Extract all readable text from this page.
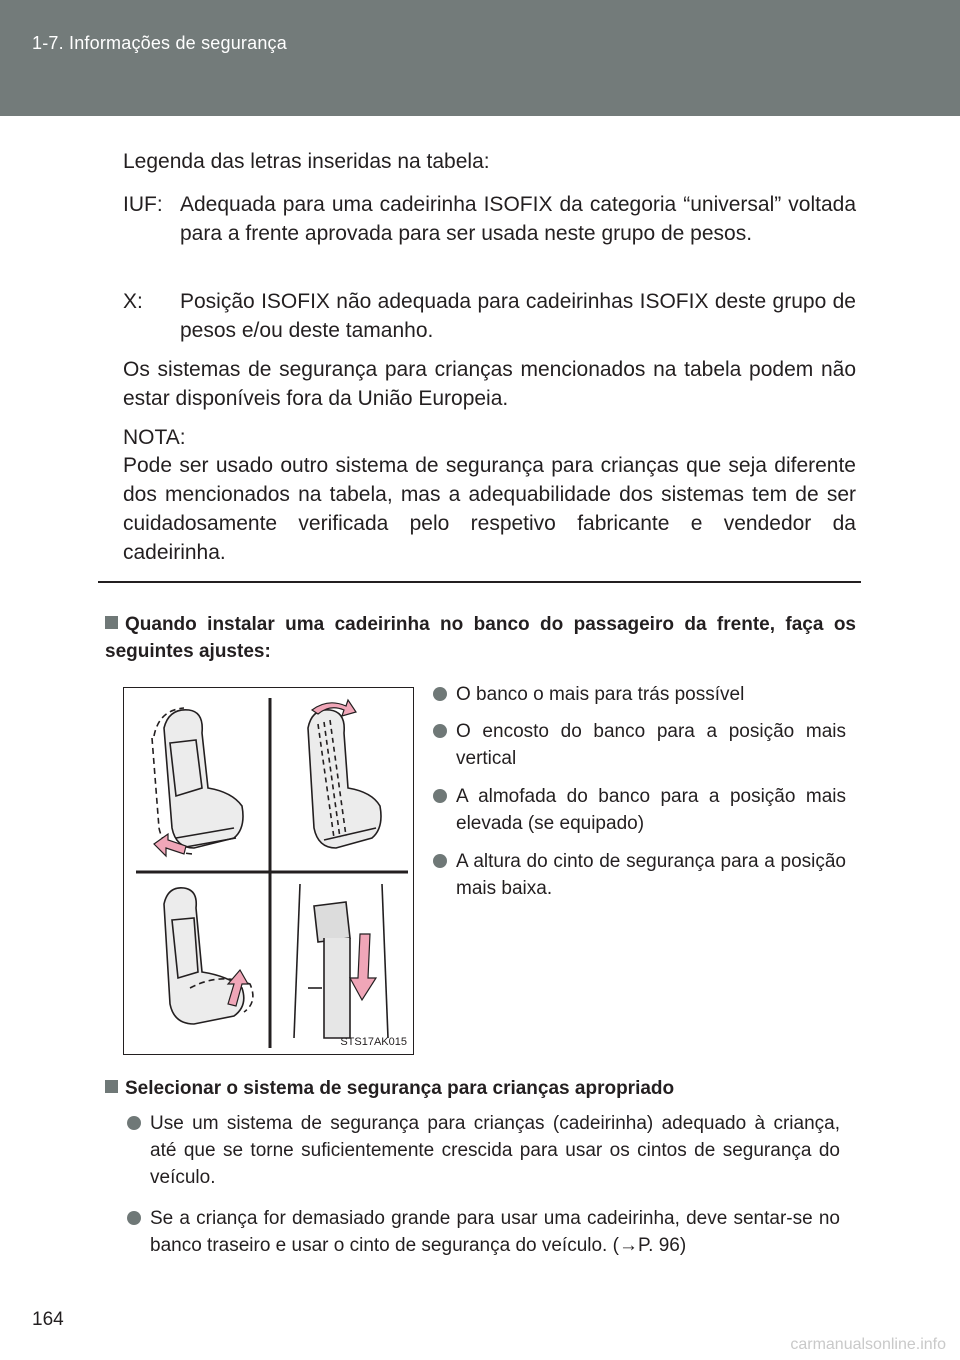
1-7. Informações de segurança
Legenda das letras inseridas na tabela:
IUF: Adequada para uma cadeirinha ISOFIX da categoria “universal” voltada para a frente aprovada para ser usada neste grupo de pesos.
X: Posição ISOFIX não adequada para cadeirinhas ISOFIX deste grupo de pesos e/ou deste tamanho.
Os sistemas de segurança para crianças mencionados na tabela podem não estar disponíveis fora da União Europeia.
NOTA:
Pode ser usado outro sistema de segurança para crianças que seja diferente dos mencionados na tabela, mas a adequabilidade dos sistemas tem de ser cuidadosamente verificada pelo respetivo fabricante e vendedor da cadeirinha.
Quando instalar uma cadeirinha no banco do passageiro da frente, faça os seguintes ajustes:
STS17AK015
O banco o mais para trás possível
O encosto do banco para a posição mais vertical
A almofada do banco para a posição mais elevada (se equipado)
A altura do cinto de segurança para a posição mais baixa.
Selecionar o sistema de segurança para crianças apropriado
Use um sistema de segurança para crianças (cadeirinha) adequado à criança, até que se torne suficientemente crescida para usar os cintos de segurança do veículo.
Se a criança for demasiado grande para usar uma cadeirinha, deve sentar-se no banco traseiro e usar o cinto de segurança do veículo. (→P. 96)
164
carmanualsonline.info
